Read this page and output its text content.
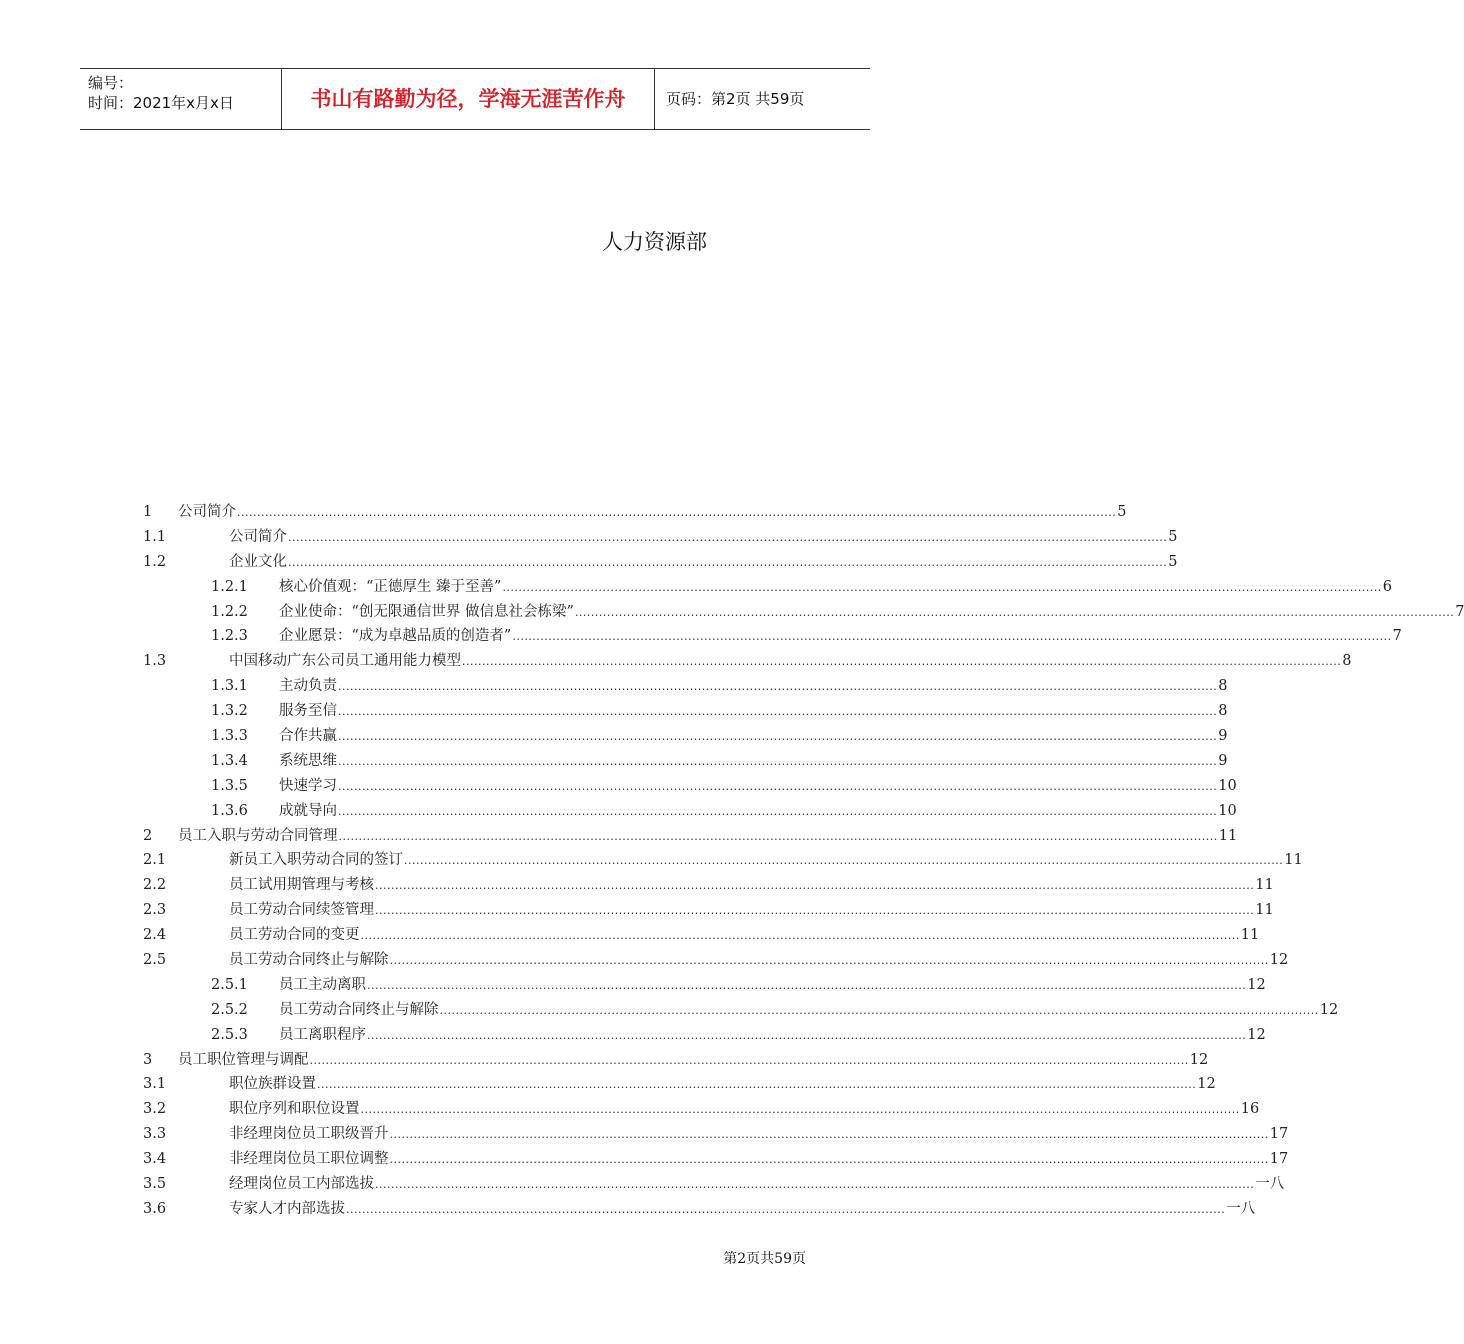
编号：
时间：2021年x月x日	书山有路勤为径，学海无涯苦作舟	页码：第2页 共59页
人力资源部
1 公司简介 ............................................................................................................................................................................................................................ 5
1.1	公司简介 ............................................................................................................................................................................................................................ 5
1.2	企业文化 ............................................................................................................................................................................................................................ 5
1.2.1 核心价值观：“正德厚生 臻于至善” ............................................................................................................................................................................................................................ 6
1.2.2 企业使命：“创无限通信世界 做信息社会栋梁” ............................................................................................................................................................................................................................ 7
1.2.3 企业愿景：“成为卓越品质的创造者” ............................................................................................................................................................................................................................ 7
1.3	中国移动广东公司员工通用能力模型 ............................................................................................................................................................................................................................ 8
1.3.1 主动负责 ............................................................................................................................................................................................................................ 8
1.3.2 服务至信 ............................................................................................................................................................................................................................ 8
1.3.3 合作共赢 ............................................................................................................................................................................................................................ 9
1.3.4 系统思维 ............................................................................................................................................................................................................................ 9
1.3.5 快速学习 ............................................................................................................................................................................................................................ 10
1.3.6 成就导向 ............................................................................................................................................................................................................................ 10
2 员工入职与劳动合同管理 ............................................................................................................................................................................................................................ 11
2.1	新员工入职劳动合同的签订 ............................................................................................................................................................................................................................ 11
2.2	员工试用期管理与考核 ............................................................................................................................................................................................................................ 11
2.3	员工劳动合同续签管理 ............................................................................................................................................................................................................................ 11
2.4	员工劳动合同的变更 ............................................................................................................................................................................................................................ 11
2.5	员工劳动合同终止与解除 ............................................................................................................................................................................................................................ 12
2.5.1 员工主动离职 ............................................................................................................................................................................................................................ 12
2.5.2 员工劳动合同终止与解除 ............................................................................................................................................................................................................................ 12
2.5.3 员工离职程序 ............................................................................................................................................................................................................................ 12
3 员工职位管理与调配 ............................................................................................................................................................................................................................ 12
3.1	职位族群设置 ............................................................................................................................................................................................................................ 12
3.2	职位序列和职位设置 ............................................................................................................................................................................................................................ 16
3.3	非经理岗位员工职级晋升 ............................................................................................................................................................................................................................ 17
3.4	非经理岗位员工职位调整 ............................................................................................................................................................................................................................ 17
3.5	经理岗位员工内部选拔 ............................................................................................................................................................................................................................ 一八
3.6	专家人才内部选拔 ............................................................................................................................................................................................................................ 一八
第2页共59页
